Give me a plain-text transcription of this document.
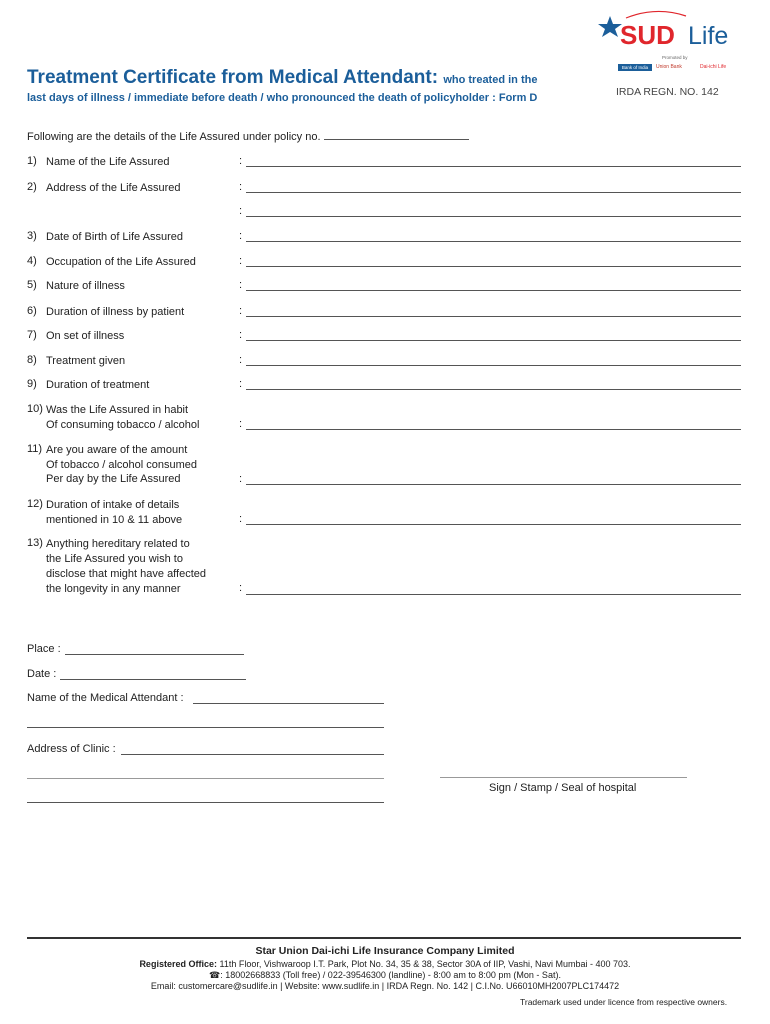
Treatment Certificate from Medical Attendant: who treated in the
last days of illness / immediate before death / who pronounced the death of policyholder : Form D	IRDA REGN. NO. 142
SUD Life
Promoted by
Bank of India	Union Bank	Dai-ichi Life
Following are the details of the Life Assured under policy no.
1) Name of the Life Assured	:
2) Address of the Life Assured	:
:
3) Date of Birth of Life Assured	:
4) Occupation of the Life Assured	:
5) Nature of illness	:
6) Duration of illness by patient	:
7) On set of illness	:
8) Treatment given	:
9) Duration of treatment	:
10) Was the Life Assured in habit
Of consuming tobacco / alcohol	:
11) Are you aware of the amount
Of tobacco / alcohol consumed
Per day by the Life Assured	:
12) Duration of intake of details
mentioned in 10 & 11 above	:
13) Anything hereditary related to
the Life Assured you wish to
disclose that might have affected
the longevity in any manner	:
Place :
Date :
Name of the Medical Attendant :
Address of Clinic :
Sign / Stamp / Seal of hospital
Star Union Dai-ichi Life Insurance Company Limited
Registered Office: 11th Floor, Vishwaroop I.T. Park, Plot No. 34, 35 & 38, Sector 30A of IIP, Vashi, Navi Mumbai - 400 703.
☎: 18002668833 (Toll free) / 022-39546300 (landline) - 8:00 am to 8:00 pm (Mon - Sat).
Email: customercare@sudlife.in | Website: www.sudlife.in | IRDA Regn. No. 142 | C.I.No. U66010MH2007PLC174472
Trademark used under licence from respective owners.
